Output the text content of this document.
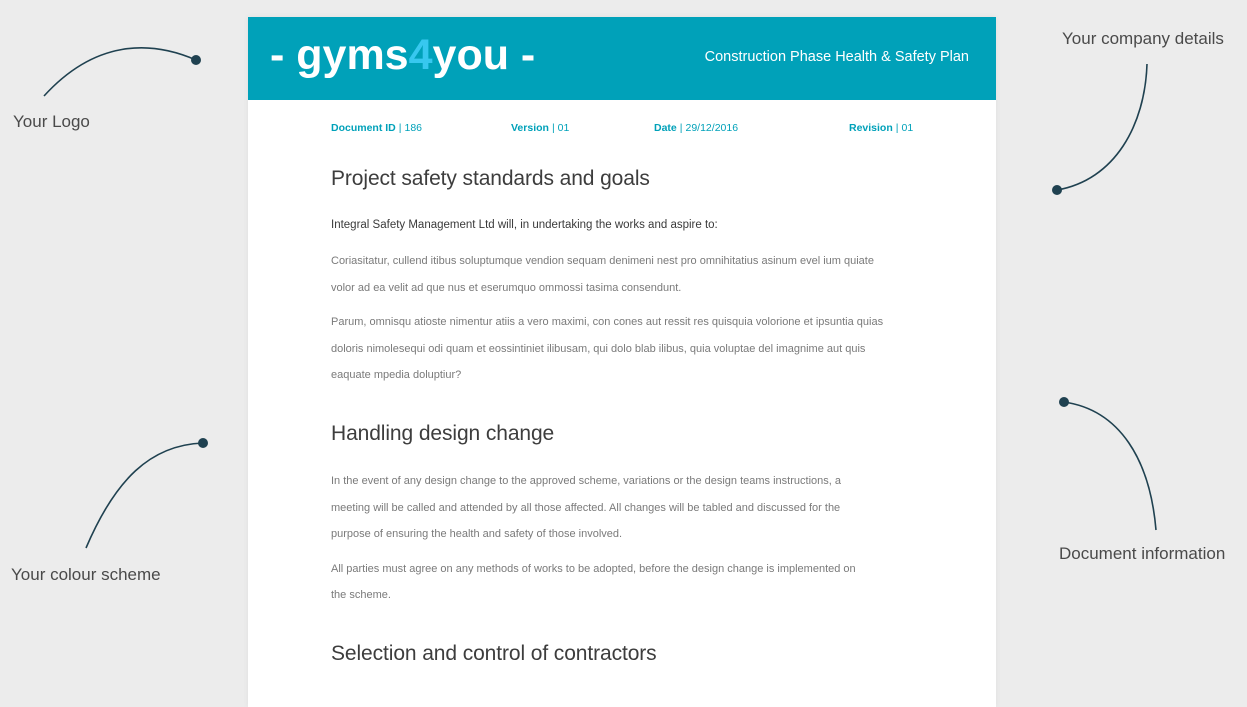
- gyms4you -	Construction Phase Health & Safety Plan
Document ID | 186	Version | 01	Date | 29/12/2016	Revision | 01
Project safety standards and goals
Integral Safety Management Ltd will, in undertaking the works and aspire to:

Coriasitatur, cullend itibus soluptumque vendion sequam denimeni nest pro omnihitatius asinum evel ium quiate
volor ad ea velit ad que nus et eserumquo ommossi tasima consendunt.

Parum, omnisqu atioste nimentur atiis a vero maximi, con cones aut ressit res quisquia volorione et ipsuntia quias
doloris nimolesequi odi quam et eossintiniet ilibusam, qui dolo blab ilibus, quia voluptae del imagnime aut quis
eaquate mpedia doluptiur?

Handling design change

In the event of any design change to the approved scheme, variations or the design teams instructions, a
meeting will be called and attended by all those affected. All changes will be tabled and discussed for the
purpose of ensuring the health and safety of those involved.

All parties must agree on any methods of works to be adopted, before the design change is implemented on
the scheme.

Selection and control of contractors
Your Logo
Your company details
Your colour scheme
Document information
